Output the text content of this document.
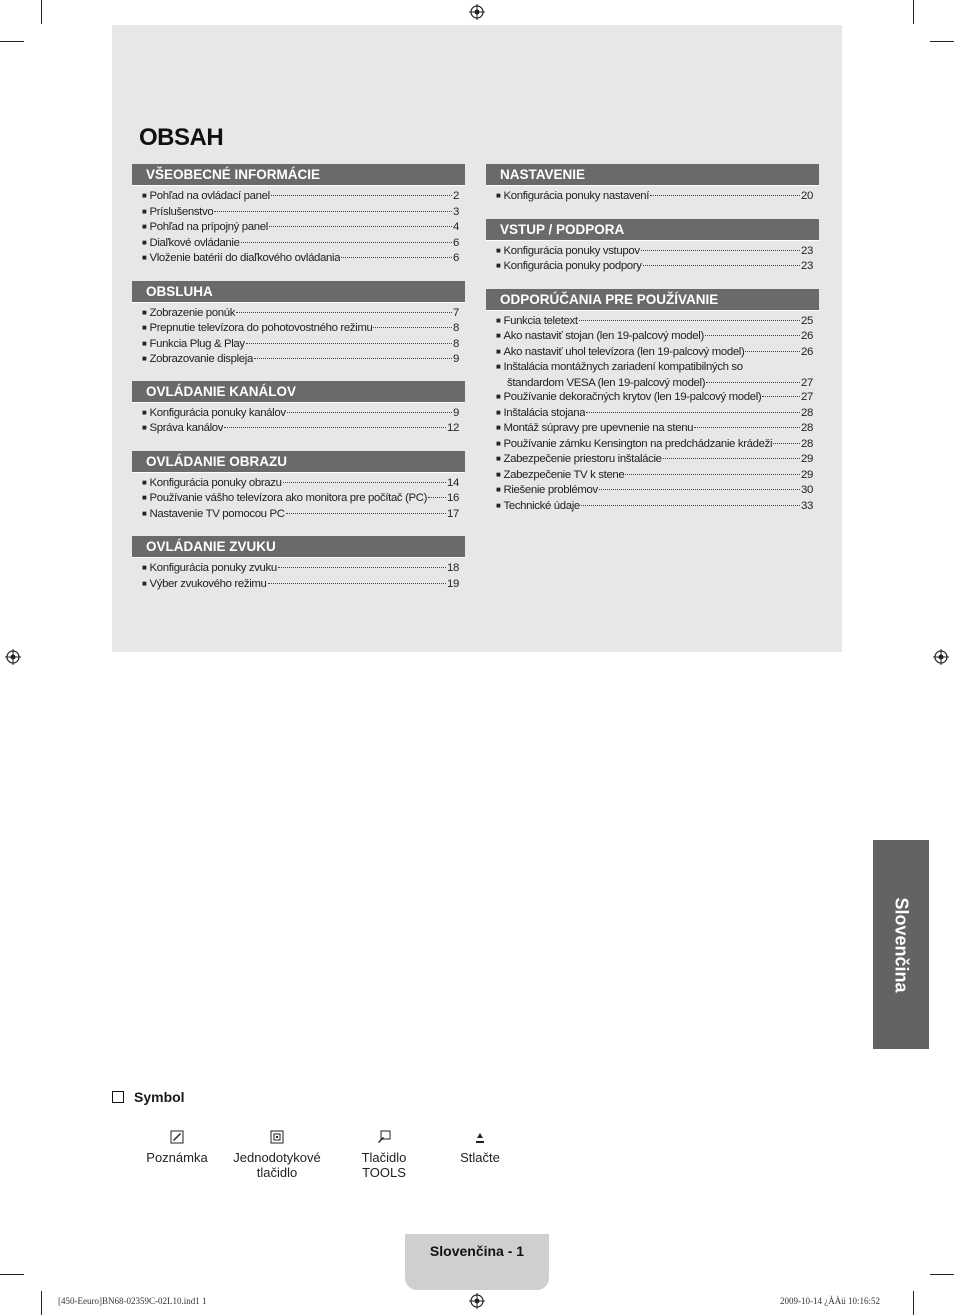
OBSAH
VŠEOBECNÉ INFORMÁCIE
■ Pohľad na ovládací panel	2
■ Príslušenstvo	3
■ Pohľad na prípojný panel	4
■ Diaľkové ovládanie	6
■ Vloženie batérií do diaľkového ovládania	6
OBSLUHA
■ Zobrazenie ponúk	7
■ Prepnutie televízora do pohotovostného režimu	8
■ Funkcia Plug & Play	8
■ Zobrazovanie displeja	9
OVLÁDANIE KANÁLOV
■ Konfigurácia ponuky kanálov	9
■ Správa kanálov	12
OVLÁDANIE OBRAZU
■ Konfigurácia ponuky obrazu	14
■ Používanie vášho televízora ako monitora pre počítač (PC) 16
■ Nastavenie TV pomocou PC	17
OVLÁDANIE ZVUKU
■ Konfigurácia ponuky zvuku	18
■ Výber zvukového režimu	19
NASTAVENIE
■ Konfigurácia ponuky nastavení	20
VSTUP / PODPORA
■ Konfigurácia ponuky vstupov	23
■ Konfigurácia ponuky podpory	23
ODPORÚČANIA PRE POUŽÍVANIE
■ Funkcia teletext	25
■ Ako nastaviť stojan (len 19-palcový model)	26
■ Ako nastaviť uhol televízora (len 19-palcový model)	26
■ Inštalácia montážnych zariadení kompatibilných so
štandardom VESA (len 19-palcový model)	27
■ Používanie dekoračných krytov (len 19-palcový model)	27
■ Inštalácia stojana	28
■ Montáž súpravy pre upevnenie na stenu	28
■ Používanie zámku Kensington na predchádzanie krádeži	28
■ Zabezpečenie priestoru inštalácie	29
■ Zabezpečenie TV k stene	29
■ Riešenie problémov	30
■ Technické údaje	33
Slovenčina
Symbol
Poznámka	Jednodotykové
tlačidlo
Tlačidlo
TOOLS
Stlačte
Slovenčina - 1
[450-Eeuro]BN68-02359C-02L10.ind1 1	2009-10-14 ¿ÀÀü 10:16:52
